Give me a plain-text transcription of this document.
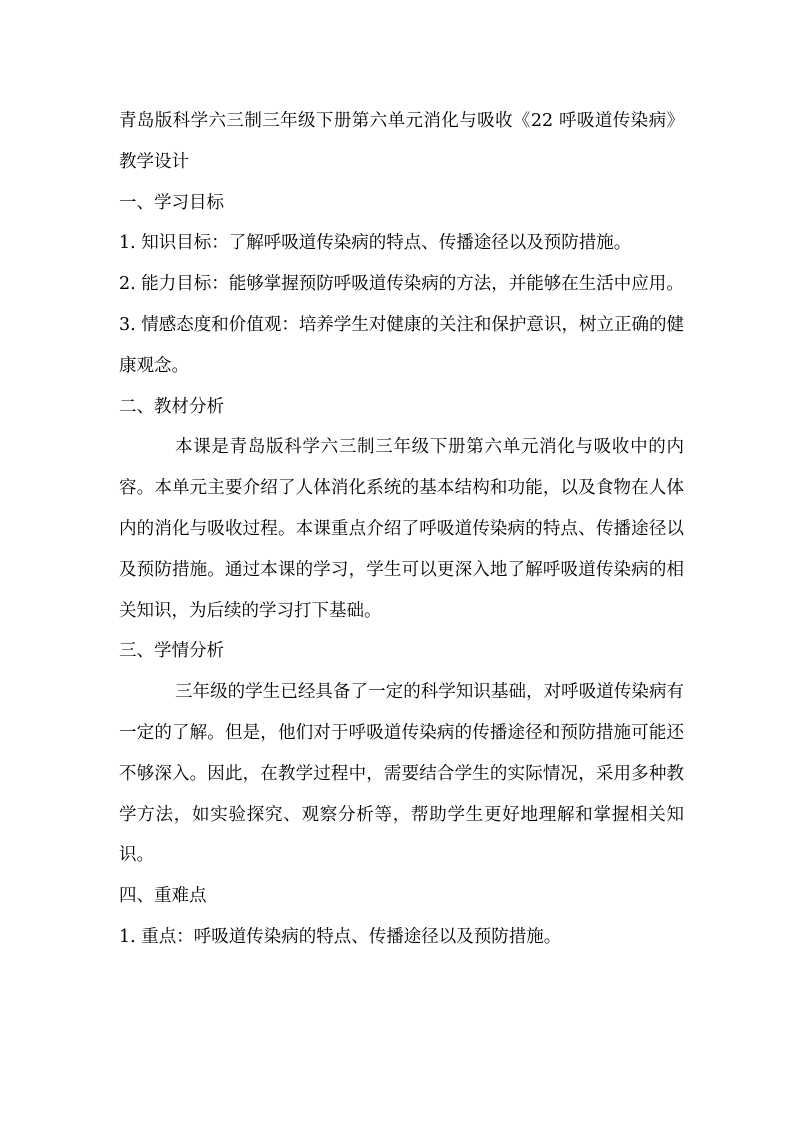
青岛版科学六三制三年级下册第六单元消化与吸收《22 呼吸道传染病》教学设计

一、学习目标

1. 知识目标：了解呼吸道传染病的特点、传播途径以及预防措施。

2. 能力目标：能够掌握预防呼吸道传染病的方法，并能够在生活中应用。

3. 情感态度和价值观：培养学生对健康的关注和保护意识，树立正确的健康观念。

二、教材分析

本课是青岛版科学六三制三年级下册第六单元消化与吸收中的内容。本单元主要介绍了人体消化系统的基本结构和功能，以及食物在人体内的消化与吸收过程。本课重点介绍了呼吸道传染病的特点、传播途径以及预防措施。通过本课的学习，学生可以更深入地了解呼吸道传染病的相关知识，为后续的学习打下基础。

三、学情分析

三年级的学生已经具备了一定的科学知识基础，对呼吸道传染病有一定的了解。但是，他们对于呼吸道传染病的传播途径和预防措施可能还不够深入。因此，在教学过程中，需要结合学生的实际情况，采用多种教学方法，如实验探究、观察分析等，帮助学生更好地理解和掌握相关知识。

四、重难点

1. 重点：呼吸道传染病的特点、传播途径以及预防措施。
